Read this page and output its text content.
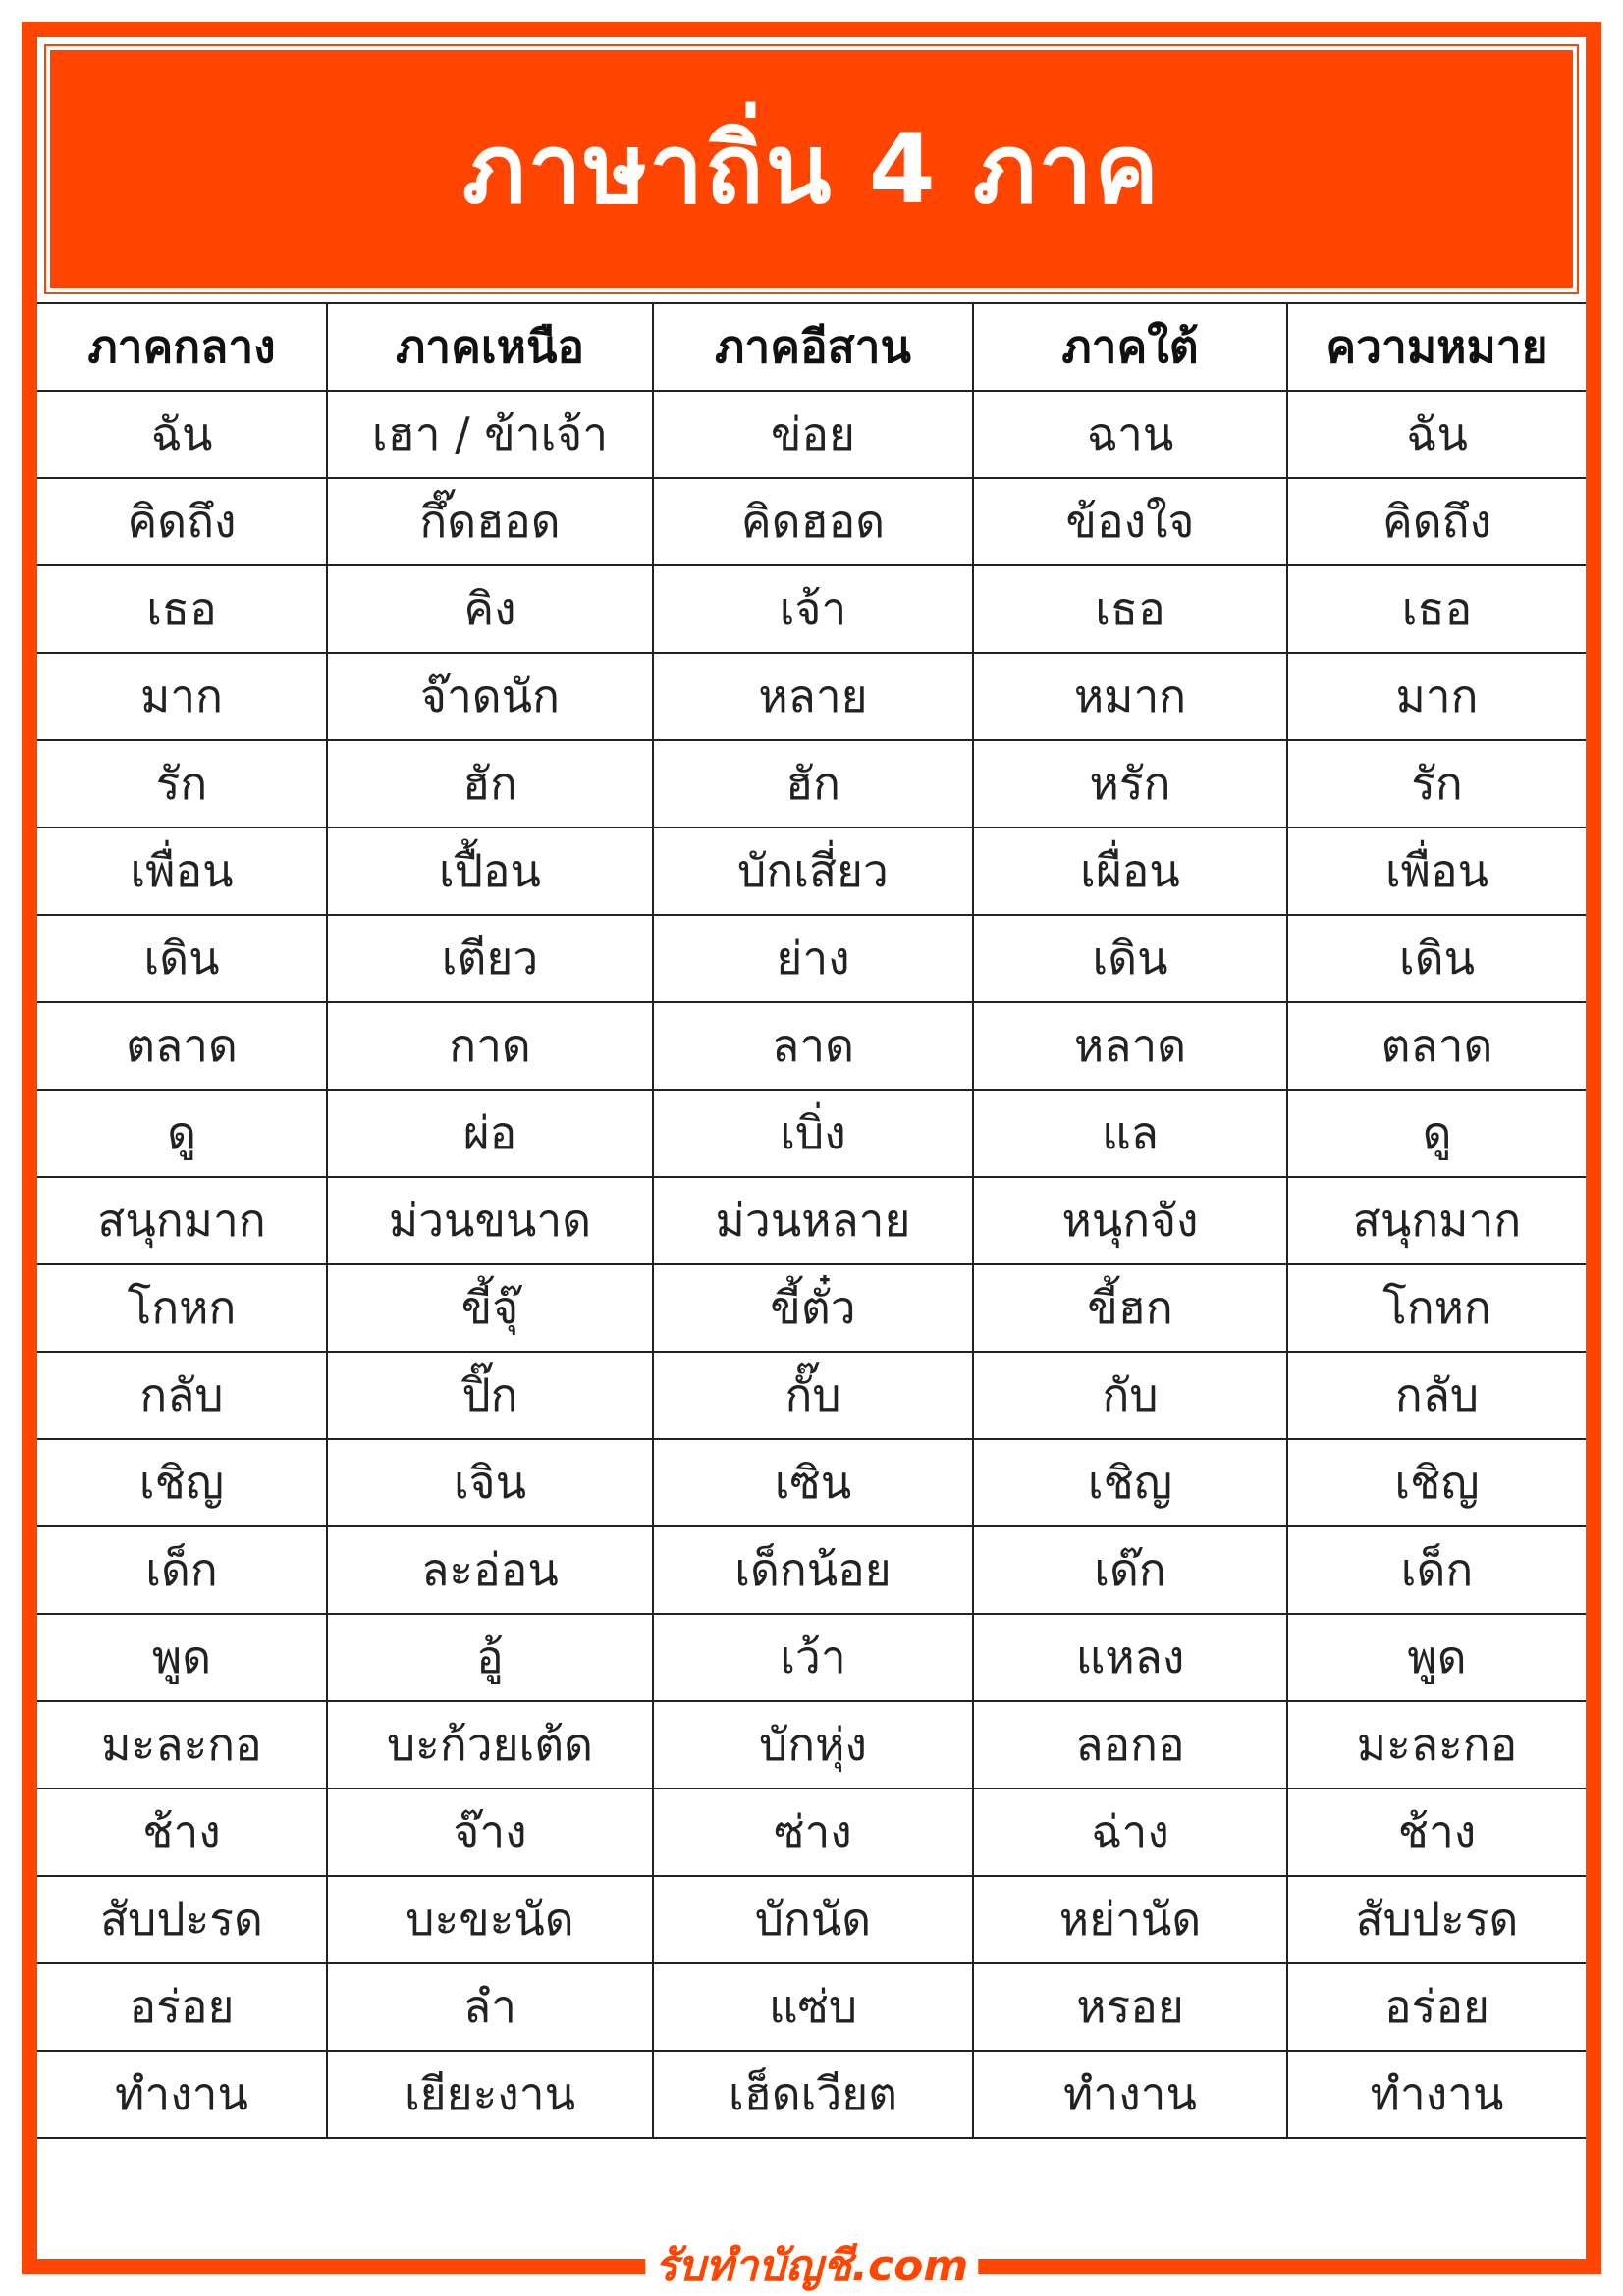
ภาษาถิ่น 4 ภาค
ภาคกลาง	ภาคเหนือ	ภาคอีสาน	ภาคใต้	ความหมาย
ฉัน	เฮา / ข้าเจ้า	ข่อย	ฉาน	ฉัน
คิดถึง	กึ๊ดฮอด	คิดฮอด	ข้องใจ	คิดถึง
เธอ	คิง	เจ้า	เธอ	เธอ
มาก	จ๊าดนัก	หลาย	หมาก	มาก
รัก	ฮัก	ฮัก	หรัก	รัก
เพื่อน	เปื้อน	บักเสี่ยว	เผื่อน	เพื่อน
เดิน	เตียว	ย่าง	เดิน	เดิน
ตลาด	กาด	ลาด	หลาด	ตลาด
ดู	ผ่อ	เบิ่ง	แล	ดู
สนุกมาก	ม่วนขนาด	ม่วนหลาย	หนุกจัง	สนุกมาก
โกหก	ขี้จุ๊	ขี้ตั๋ว	ขี้ฮก	โกหก
กลับ	ปิ๊ก	กั๊บ	กับ	กลับ
เชิญ	เจิน	เซิน	เชิญ	เชิญ
เด็ก	ละอ่อน	เด็กน้อย	เด๊ก	เด็ก
พูด	อู้	เว้า	แหลง	พูด
มะละกอ	บะก้วยเต้ด	บักหุ่ง	ลอกอ	มะละกอ
ช้าง	จ๊าง	ซ่าง	ฉ่าง	ช้าง
สับปะรด	บะขะนัด	บักนัด	หย่านัด	สับปะรด
อร่อย	ลำ	แซ่บ	หรอย	อร่อย
ทำงาน	เยียะงาน	เฮ็ดเวียต	ทำงาน	ทำงาน
รับทำบัญชี.com
